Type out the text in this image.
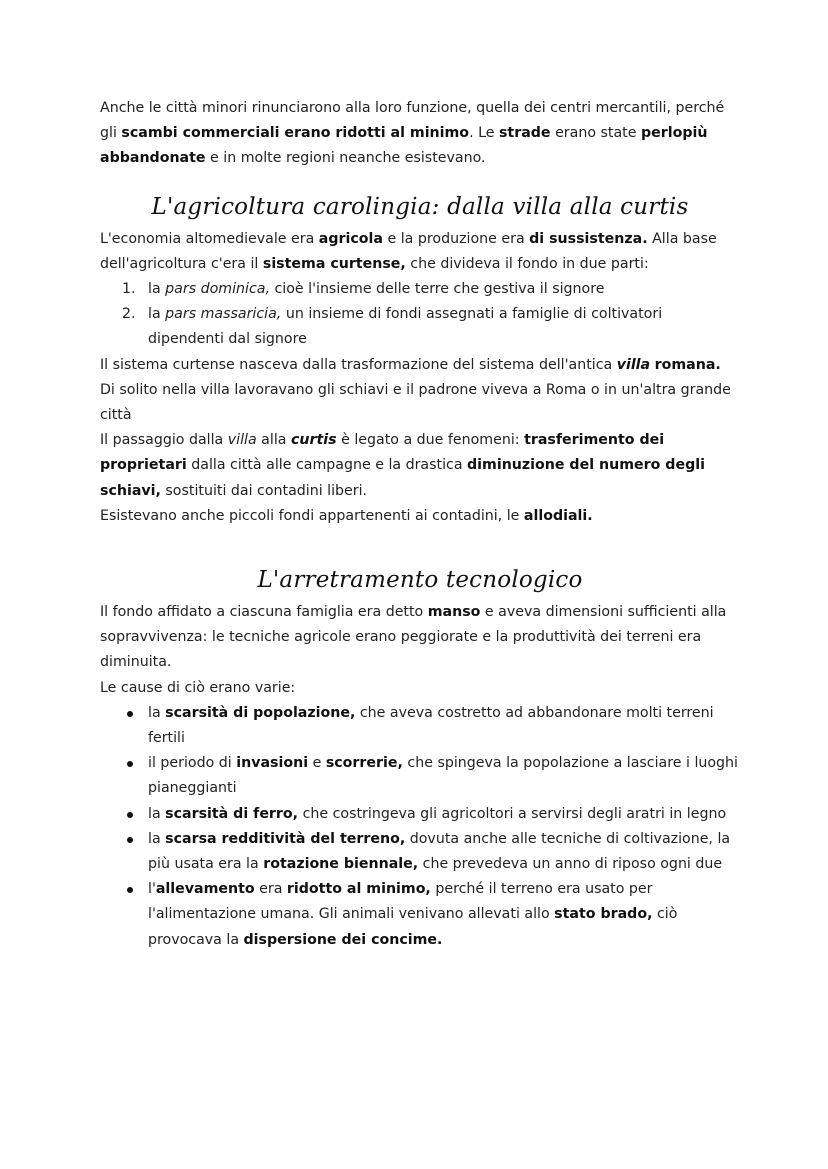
Anche le città minori rinunciarono alla loro funzione, quella dei centri mercantili, perché gli scambi commerciali erano ridotti al minimo. Le strade erano state perlopiù abbandonate e in molte regioni neanche esistevano.

L'agricoltura carolingia: dalla villa alla curtis

L'economia altomedievale era agricola e la produzione era di sussistenza. Alla base dell'agricoltura c'era il sistema curtense, che divideva il fondo in due parti:

1. la pars dominica, cioè l'insieme delle terre che gestiva il signore
2. la pars massaricia, un insieme di fondi assegnati a famiglie di coltivatori dipendenti dal signore

Il sistema curtense nasceva dalla trasformazione del sistema dell'antica villa romana. Di solito nella villa lavoravano gli schiavi e il padrone viveva a Roma o in un'altra grande città

Il passaggio dalla villa alla curtis è legato a due fenomeni: trasferimento dei proprietari dalla città alle campagne e la drastica diminuzione del numero degli schiavi, sostituiti dai contadini liberi.

Esistevano anche piccoli fondi appartenenti ai contadini, le allodiali.

L'arretramento tecnologico

Il fondo affidato a ciascuna famiglia era detto manso e aveva dimensioni sufficienti alla sopravvivenza: le tecniche agricole erano peggiorate e la produttività dei terreni era diminuita.

Le cause di ciò erano varie:

la scarsità di popolazione, che aveva costretto ad abbandonare molti terreni fertili
il periodo di invasioni e scorrerie, che spingeva la popolazione a lasciare i luoghi pianeggianti
la scarsità di ferro, che costringeva gli agricoltori a servirsi degli aratri in legno
la scarsa redditività del terreno, dovuta anche alle tecniche di coltivazione, la più usata era la rotazione biennale, che prevedeva un anno di riposo ogni due
l'allevamento era ridotto al minimo, perché il terreno era usato per l'alimentazione umana. Gli animali venivano allevati allo stato brado, ciò provocava la dispersione dei concime.
